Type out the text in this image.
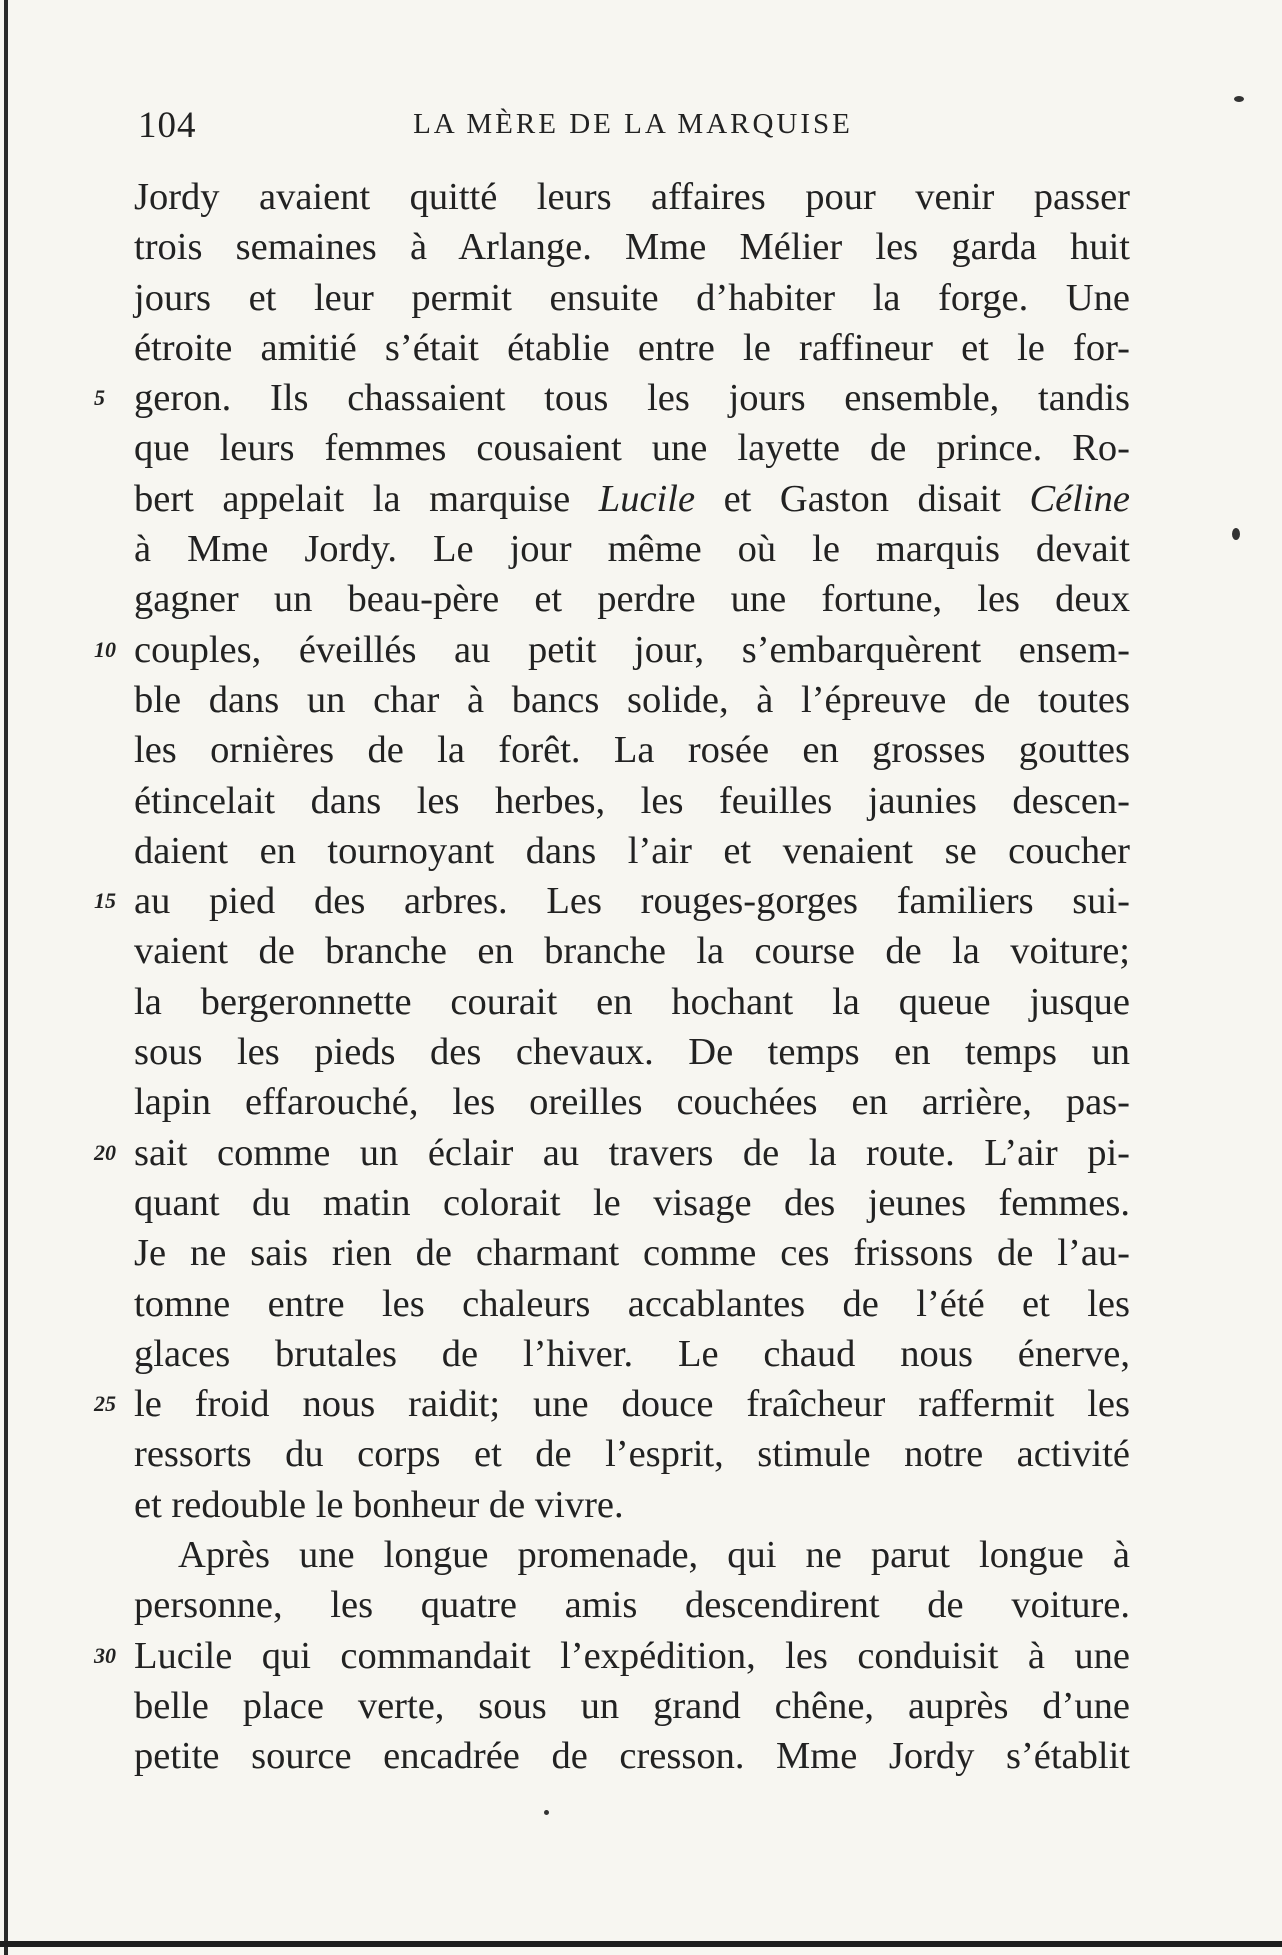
104	LA MÈRE DE LA MARQUISE
Jordy avaient quitté leurs affaires pour venir passer
trois semaines à Arlange. Mme Mélier les garda huit
jours et leur permit ensuite d’habiter la forge. Une
étroite amitié s’était établie entre le raffineur et le for-
5 geron. Ils chassaient tous les jours ensemble, tandis
que leurs femmes cousaient une layette de prince. Ro-
bert appelait la marquise Lucile et Gaston disait Céline
à Mme Jordy. Le jour même où le marquis devait
gagner un beau-père et perdre une fortune, les deux
10 couples, éveillés au petit jour, s’embarquèrent ensem-
ble dans un char à bancs solide, à l’épreuve de toutes
les ornières de la forêt. La rosée en grosses gouttes
étincelait dans les herbes, les feuilles jaunies descen-
daient en tournoyant dans l’air et venaient se coucher
15 au pied des arbres. Les rouges-gorges familiers sui-
vaient de branche en branche la course de la voiture;
la bergeronnette courait en hochant la queue jusque
sous les pieds des chevaux. De temps en temps un
lapin effarouché, les oreilles couchées en arrière, pas-
20 sait comme un éclair au travers de la route. L’air pi-
quant du matin colorait le visage des jeunes femmes.
Je ne sais rien de charmant comme ces frissons de l’au-
tomne entre les chaleurs accablantes de l’été et les
glaces brutales de l’hiver. Le chaud nous énerve,
25 le froid nous raidit; une douce fraîcheur raffermit les
ressorts du corps et de l’esprit, stimule notre activité
et redouble le bonheur de vivre.
Après une longue promenade, qui ne parut longue à
personne, les quatre amis descendirent de voiture.
30 Lucile qui commandait l’expédition, les conduisit à une
belle place verte, sous un grand chêne, auprès d’une
petite source encadrée de cresson. Mme Jordy s’établit
